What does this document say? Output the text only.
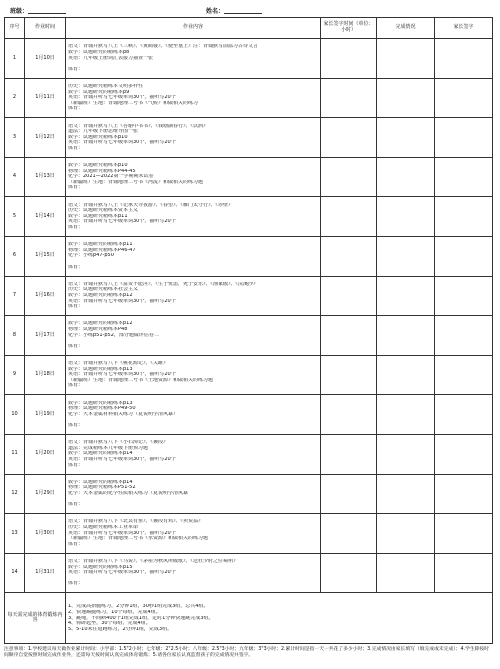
班级：	姓名：
序号	作业时间	作业内容	家长签字时间（单位：小时）	完成情况	家长签字
1	1月10日	语文：背诵并默写八上《三峡》、《黄鹤楼》、《使至塞上》注：背诵默写前温习古诗文言
数学：试题研究的精练本p8
英语：九年级上册词汇表接力抽查一张

体育：			

2	1月11日	历史：试题研究精练本文明多样性
数学：试题研究的精练本p9
英语：背诵并听写七年级单词30个，抽听写20个
（新疆班）生地：背诵地理二号书《气候》和做相关的练习
体育：			

3	1月12日	语文：背诵并默写八上《答谢中书书》、《钱塘湖春行》、《饮酒》
道法：九年级下册思维导图一张
数学：试题研究精练本p10
英语：背诵并听写七年级单词30个，抽听写20个
体育：			

4	1月13日	数学：试题研究精练本p10
物理：试题研究精练本P44-45
化学：2021—2022第一学期期末试卷
（新疆班）生地：背诵地理二号书《河流》和做相关的练习题
体育：			

5	1月14日	语文：背诵并默写八上《记承天寺夜游》、《春望》、《雁门太守行》、《赤壁》
历史：试题研究精练本资本主义
数学：试题研究精练本p11
英语：背诵并听写七年级单词30个，抽听写20个
体育：			

6	1月15日	数学：试题研究的精练本p11
物理：试题研究精练本P46-47
化学：小练p47-p50

体育：			

7	1月16日	语文：背诵并默写八上《富贵不能淫》、《生于忧患，死于安乐》、《渔家傲》、《浣溪沙》
历史：试题研究精练本社会主义
数学：试题研究的精练本p12
英语：背诵并听写七年级单词30个，抽听写20个
体育：			

8	1月17日	数学：试题研究的精练本p12
物理：试题研究精练本P48
化学：小练p51-p52，部分题做评估卷二

体育：			

9	1月18日	语文：背诵并默写八下《桃花源记》、《关雎》
数学：试题研究的精练本p13
英语：背诵并听写七年级单词30个，抽听写20个
（新疆班）生地：背诵地理二号书《土地资源》和做相关的练习题
体育：			

10	1月19日	数学：试题研究的精练本p13
物理：试题研究精练本P49-50
化学：大本金属材料相关练习（复说明学清风暴）

体育：			

11	1月20日	语文：背诵并默写八下《小石潭记》、《蒹葭》
道法：完成精练本九年级下册预习题
数学：试题研究的精练本p14
英语：背诵并听写七年级单词30个，抽听写20个
体育：			

12	1月29日	数学：试题研究的精练本p14
物理：试题研究精练本P51-52
化学：大本金属的化学性质相关练习（复说明学清风暴

体育：			

13	1月30日	语文：背诵并默写八下《北冥有鱼》、《蒹葭有鸡》、《卖炭翁》
历史：试题研究精练本工业革命
英语：背诵并听写七年级单词30个，抽听写20个
（新疆班）生地：背诵地理二号书《水资源》和做相关的练习题
体育：			

14	1月31日	语文：背诵并默写八下《马说》、《茅屋为秋风所破歌》、《送杜少府之任蜀州》
数学：试题研究的精练本p15
英语：背诵并听写七年级单词30个，抽听写20个

体育：			

每天需完成的体育锻炼内容		1、完成高抬腿练习，2分钟1组，30秒1组完成3组，总共4组。
2、快速踢腿练习，10个每组，完成4组。
3、跳绳，不间断400个1组完成1组，定时1分钟快速跳完成3组。
4、仰卧起坐，30个每组，完成4组。
5、5-10米往返跑练习，2分钟1组，完成3组。			
注意事项：1.学校建议每天做作业累计时间：小学部：1.5"2小时；七年级：2"2.5小时；八年级：2.5"3小时；九年级：3"3小时；2.累计时间是指一天一共花了多少小时；3.完成情况由家长填写（填完成或未完成）；4.学生除按时间顺序自觉按照时间完成作业外，还需每天按时间认真完成体育锻炼；5.请各位家长认真监督孩子的完成情况并签字。
